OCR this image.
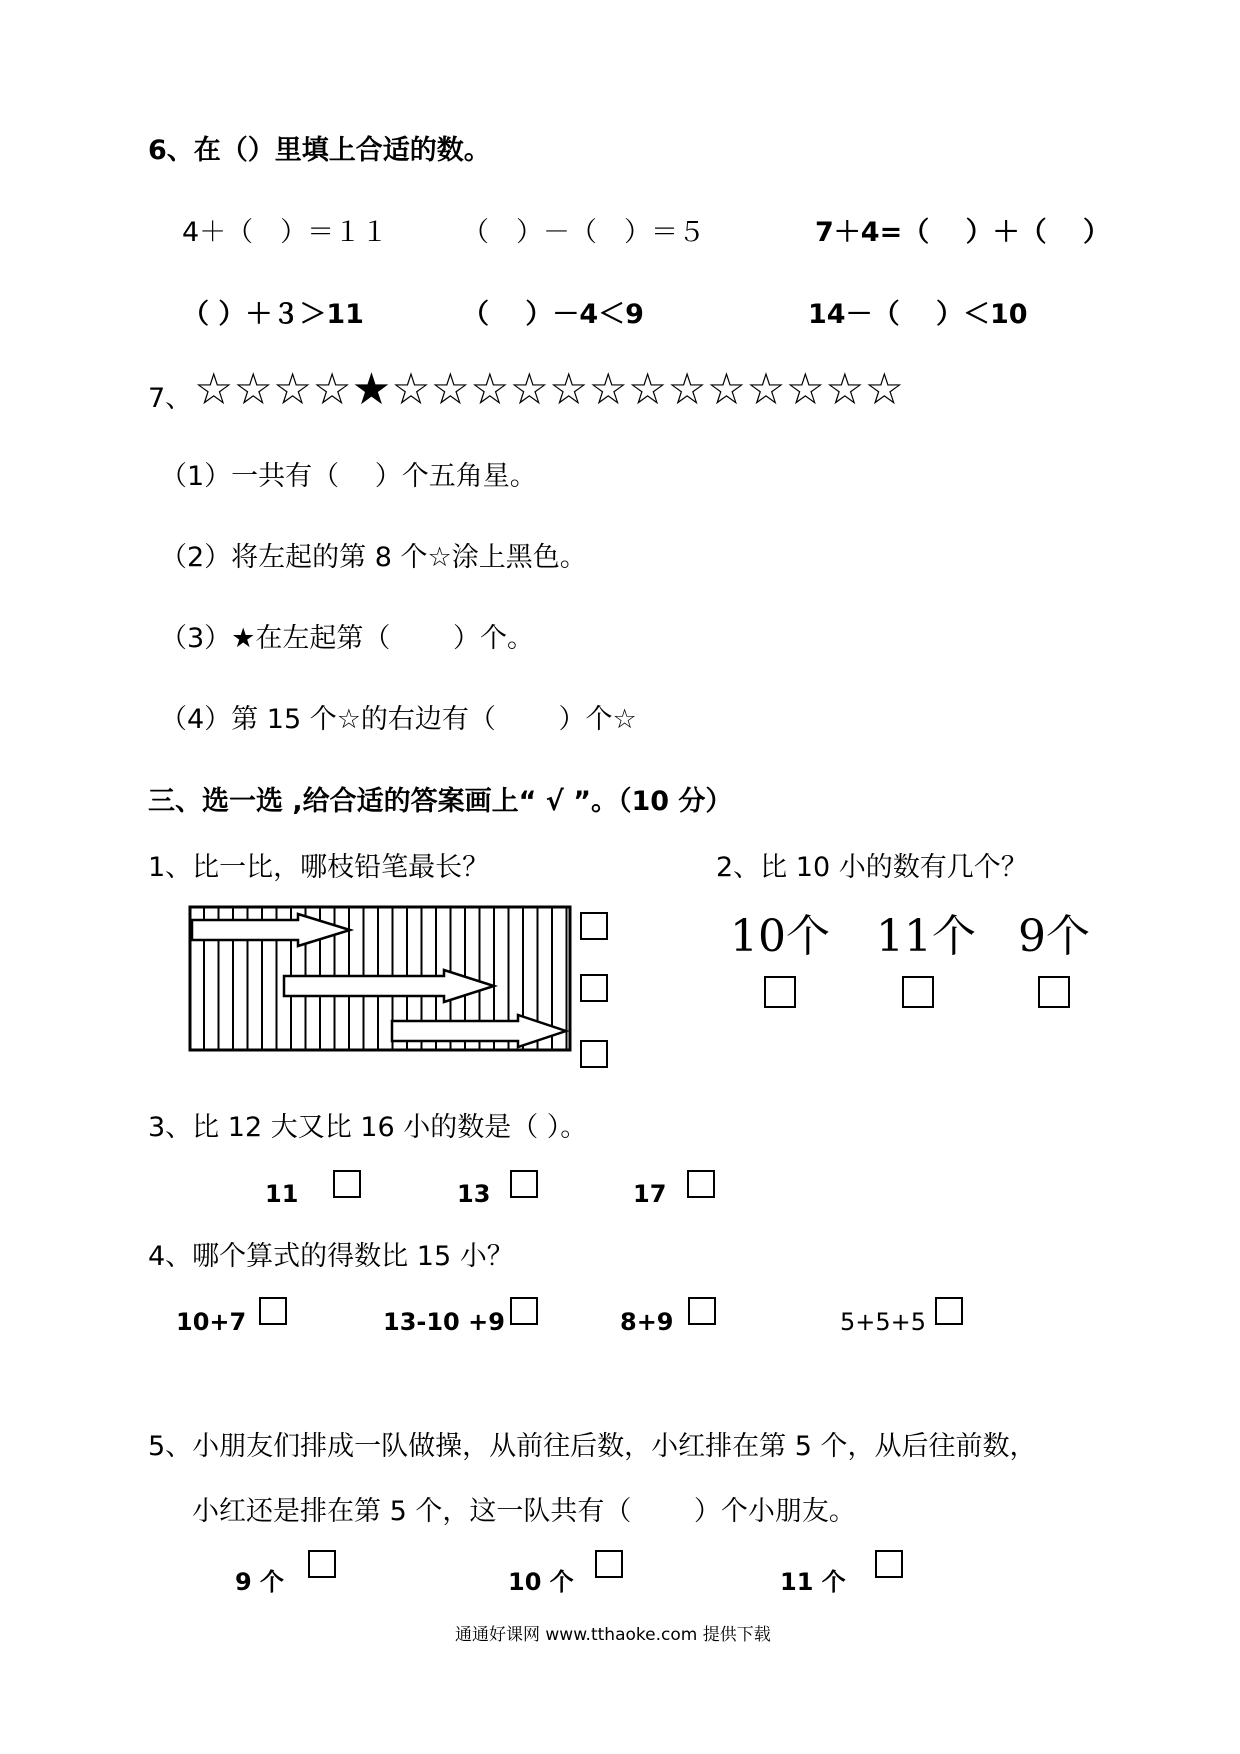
6、在（）里填上合适的数。
4＋（　）＝１１	（　）－（　）＝５	7＋4=（　 ）＋（　 ）
（ ）＋３＞11	（　 ）－4＜9	14－（　 ）＜10
7、 ☆☆☆☆★☆☆☆☆☆☆☆☆☆☆☆☆☆
（1）一共有（　 ）个五角星。
（2）将左起的第 8 个☆涂上黑色。
（3）★在左起第（　　 ）个。
（4）第 15 个☆的右边有（　　 ）个☆
三、选一选 ,给合适的答案画上“ √ ”。（10 分）
1、比一比，哪枝铅笔最长？	2、比 10 小的数有几个？
10个 11个 9个
3、比 12 大又比 16 小的数是（ ）。
11	13	17
4、哪个算式的得数比 15 小？
10+7	13-10 +9	8+9	5+5+5
5、小朋友们排成一队做操，从前往后数，小红排在第 5 个，从后往前数，
小红还是排在第 5 个，这一队共有（　　 ）个小朋友。
9 个	10 个	11 个
通通好课网 www.tthaoke.com 提供下载
